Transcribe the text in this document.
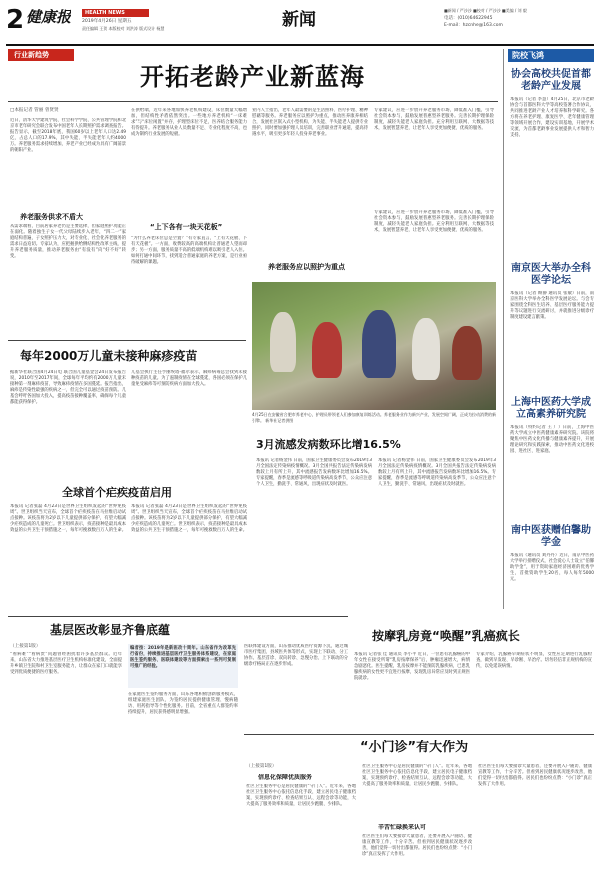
2 健康报	HEALTH NEWS
2019年4月26日 星期五
责任编辑 王贺 本版校对 刘洪涛 版式设计 杨慧	新闻	■新闻 / 严沙沙 ■校对 / 严沙沙 ■美编 / 刘 毅
电话：(010)64622945
E-mail：hzcnhe@163.com
行业新趋势
开拓老龄产业新蓝海
□本报记者 管丽 曾贤贤
近日，清华大学建筑学院、社会科学学院、公共管理学院和北京市老年研究会联合发布中国老年人长期照护需求调查报告。报告显示，截至2018年底，我国60岁以上老年人口达2.49亿，占总人口的17.9%，其中失能、半失能老年人约4000万。养老服务需求持续增加，养老产业已经成为具有广阔前景的朝阳产业。
养老服务供求不盾大
从需求端看，目前居家养老仍是主要选择，但家庭照护功能正在弱化。随着独生子女一代父母陆续步入老年，“四二一”家庭结构普遍，子女照护压力大，对专业化、社会化养老服务的需求日益迫切。专家认为，应把握供给侧结构性改革主线，提升养老服务质量，推动养老服务由“有没有”向“好不好”转变。
在供给端，近年来各地加快养老机构建设，床位数量大幅增加，但结构性矛盾依然突出。一些地方养老机构“一床难求”与“床位闲置”并存，护理型床位不足，医养结合服务能力有待提升。养老服务从业人员数量不足、专业化程度不高，也成为制约行业发展的短板。
“上下各有一块天花板”
“为什么养老床位总是空置？”有专家直言，“上有天花板、下有天花板”。一方面，收费较高的高端机构让普通老人望而却步；另一方面，服务质量不高的低端机构难以吸引老人入住。如何打通中间环节，找到适合普通家庭的养老方案，是行业亟待破解的课题。
业内人士指出，老年人最需要的是生活照料、医疗护理、精神慰藉等服务。养老服务应以照护为重点，推动医养康养相结合，发展社区嵌入式小型机构，为失能、半失能老人提供专业照护。同时要加强护理人员培训，完善职业晋升通道，提高待遇水平，吸引更多年轻人投身养老事业。
专家建议，应进一步放开养老服务市场，降低准入门槛，引导社会资本参与，鼓励发展普惠型养老服务。完善长期护理保险制度，减轻失能老人家庭负担。充分利用互联网、大数据等技术，发展智慧养老，让老年人享受更加便捷、优质的服务。
养老服务应以照护为重点
专家建议，应进一步放开养老服务市场，降低准入门槛，引导社会资本参与，鼓励发展普惠型养老服务。完善长期护理保险制度，减轻失能老人家庭负担。充分利用互联网、大数据等技术，发展智慧养老，让老年人享受更加便捷、优质的服务。
4月25日在安徽省合肥市养老中心，护理员带领老人们参加康复训练活动。养老服务业作为新兴产业，发展空间广阔，正成为拉动消费的新引擎。 新华社记者供图
院校飞鸿
协会高校共促首都老龄产业发展
本报讯（记者 李慧）4月25日，北京市老龄协会与首都医科大学等高校签署合作协议，共同推进老龄产业人才培养和科学研究。各方将在养老护理、康复医学、老年健康管理等领域开展合作，建设实训基地，开展学术交流，为首都老龄事业发展提供人才和智力支持。
南京医大举办全科医学论坛
本报讯（记者 顾静 通讯员 张敏）日前，南京医科大学举办全科医学发展论坛。与会专家围绕全科医生培养、基层医疗服务能力提升等议题进行交流研讨，并就推进分级诊疗制度建设建言献策。
上海中医药大学成立高素养研究院
本报讯（特约记者 王 广）日前，上海中医药大学成立中医药健康素养研究院。该院将聚焦中医药文化传播与健康素养提升，开展理论研究和实践探索，推动中医药文化进校园、进社区、进家庭。
南中医获赠伯馨助学金
本报讯（通讯员 刘丹丹）近日，南京中医药大学举行捐赠仪式，社会爱心人士设立“伯馨助学金”，用于资助家庭经济困难的优秀学生，首批资助学生20名，每人每年5000元。
每年2000万儿童未接种麻疹疫苗
据新华社联合国4月24日电 联合国儿童基金会24日发布报告说，2010年至2017年间，全球每年平均约有2000万儿童未接种第一剂麻疹疫苗，导致麻疹疫情在多国蔓延。报告指出，麻疹是传染性最强的疾病之一，但完全可以通过疫苗预防。儿基会呼吁各国加大投入，提高疫苗接种覆盖率，确保每个儿童都能获得保护。
儿基会执行主任亨丽埃塔·福尔表示，麻疹病毒总会找到未接种疫苗的儿童。为了遏制疫情在全球蔓延，各国必须在保护儿童免受麻疹等可预防疾病方面加大投入。
全球首个疟疾疫苗启用
本报讯 记者张磊 4月23日是世界卫生组织发起的“世界免疫周”。世卫组织当天宣布，全球首个疟疾疫苗在马拉维启动试点接种。该疫苗将为2岁以下儿童提供部分保护，有望大幅减少疟疾造成的儿童死亡。世卫组织表示，疫苗接种是最具成本效益的公共卫生干预措施之一，每年可挽救数百万人的生命。
本报讯 记者张磊 4月23日是世界卫生组织发起的“世界免疫周”。世卫组织当天宣布，全球首个疟疾疫苗在马拉维启动试点接种。该疫苗将为2岁以下儿童提供部分保护，有望大幅减少疟疾造成的儿童死亡。世卫组织表示，疫苗接种是最具成本效益的公共卫生干预措施之一，每年可挽救数百万人的生命。
3月流感发病数环比增16.5%
本报讯 记者杨金伟 日前，国家卫生健康委员会发布2019年3月全国法定传染病疫情概况。3月全国共报告法定传染病发病数较上月有所上升，其中流感报告发病数环比增加16.5%。专家提醒，春季是流感等呼吸道传染病高发季节，公众应注意个人卫生，勤洗手、常通风，出现症状及时就医。
本报讯 记者杨金伟 日前，国家卫生健康委员会发布2019年3月全国法定传染病疫情概况。3月全国共报告法定传染病发病数较上月有所上升，其中流感报告发病数环比增加16.5%。专家提醒，春季是流感等呼吸道传染病高发季节，公众应注意个人卫生，勤洗手、常通风，出现症状及时就医。
基层医改彰显齐鲁底蕴
（上接第1版）
“看病难”“看病贵”问题曾经困扰着许多基层群众。近年来，山东省大力推进基层医疗卫生机构标准化建设，全面提升乡镇卫生院和村卫生室服务能力，让群众在家门口就能享受到优质便捷的医疗服务。
编者按：2019年是新医改十周年。山东省作为改革先行省份，持续推进基层医疗卫生服务体系建设，在家庭医生签约服务、医联体建设等方面探索出一系列可复制可推广的经验。
在家庭医生签约服务方面，山东各地积极创新服务模式，组建家庭医生团队，为签约居民提供健康管理、慢病随访、用药指导等个性化服务。目前，全省重点人群签约率持续提升，居民获得感明显增强。
医联体建设方面，山东推动优质医疗资源下沉，通过城市医疗集团、县域医共体等形式，实现上下联动、分工协作。基层首诊、双向转诊、急慢分治、上下联动的分级诊疗格局正在逐步形成。
按摩乳房竟“唤醒”乳癌疯长
本报讯 记者张 佳 通讯员 李小平 近日，一位患有乳腺癌的中年女性在接受所谓“乳房按摩保养”后，肿瘤迅速增大，病情急剧恶化。医生提醒，乳房按摩并不能预防乳腺疾病，已患乳腺疾病的女性更不宜进行按摩，发现乳房异常应及时到正规医院就诊。
专家介绍，乳腺癌早期症状不明显，女性应定期进行乳腺检查，做到早发现、早诊断、早治疗。切勿轻信非正规机构的宣传，以免延误病情。
“小门诊”有大作为
（上接第1版）
信息化保障优质服务
社区卫生服务中心是居民健康的“守门人”。近年来，各地社区卫生服务中心依托信息化手段，建立居民电子健康档案，实现预约诊疗、检查结果互认、远程会诊等功能，大大提高了服务效率和质量，让居民少跑腿、少排队。
社区卫生服务中心是居民健康的“守门人”。近年来，各地社区卫生服务中心依托信息化手段，建立居民电子健康档案，实现预约诊疗、检查结果互认、远程会诊等功能，大大提高了服务效率和质量，让居民少跑腿、少排队。
辛苦忙碌换来认可
社区医生们每天要接诊大量患者，还要开展入户随访、健康宣教等工作，十分辛苦。但看到居民健康状况逐步改善，他们觉得一切付出都值得。居民们也纷纷点赞：“小门诊”真正发挥了大作用。
社区医生们每天要接诊大量患者，还要开展入户随访、健康宣教等工作，十分辛苦。但看到居民健康状况逐步改善，他们觉得一切付出都值得。居民们也纷纷点赞：“小门诊”真正发挥了大作用。
